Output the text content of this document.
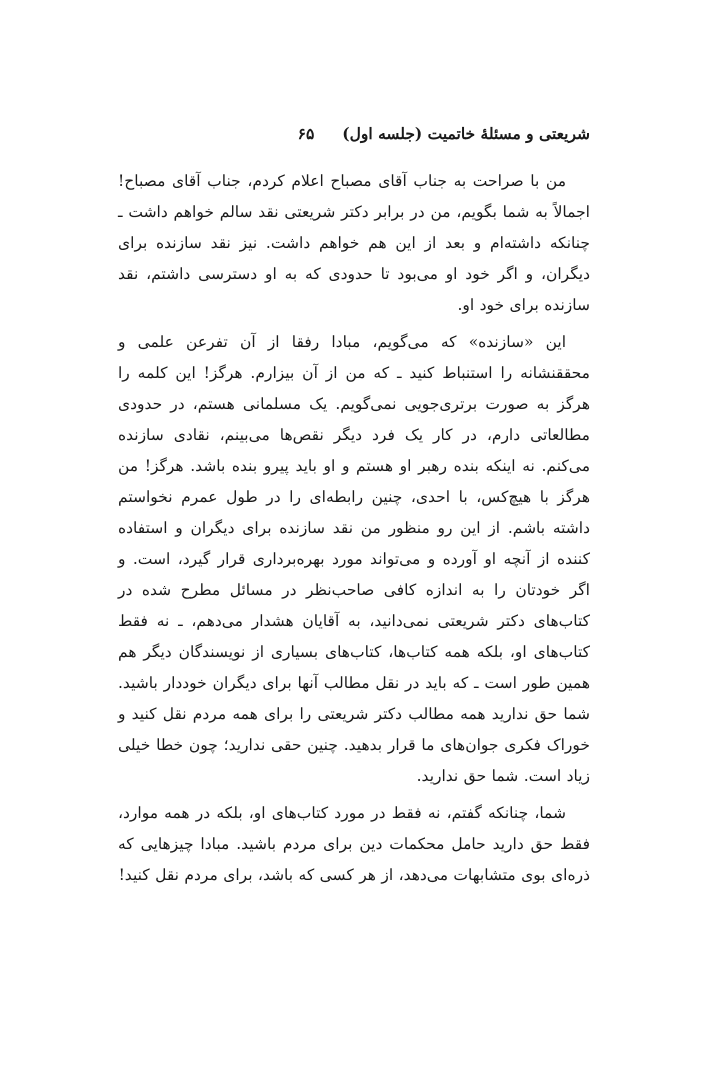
شریعتی و مسئلهٔ خاتمیت (جلسه اول)
۶۵

من با صراحت به جناب آقای مصباح اعلام کردم، جناب آقای مصباح! اجمالاً به شما بگویم، من در برابر دکتر شریعتی نقد سالم خواهم داشت ـ چنانکه داشته‌ام و بعد از این هم خواهم داشت. نیز نقد سازنده برای دیگران، و اگر خود او می‌بود تا حدودی که به او دسترسی داشتم، نقد سازنده برای خود او.

این «سازنده» که می‌گویم، مبادا رفقا از آن تفرعن علمی و محققنشانه را استنباط کنید ـ که من از آن بیزارم. هرگز! این کلمه را هرگز به صورت برتری‌جویی نمی‌گویم. یک مسلمانی هستم، در حدودی مطالعاتی دارم، در کار یک فرد دیگر نقص‌ها می‌بینم، نقادی سازنده می‌کنم. نه اینکه بنده رهبر او هستم و او باید پیرو بنده باشد. هرگز! من هرگز با هیچ‌کس، با احدی، چنین رابطه‌ای را در طول عمرم نخواستم داشته باشم. از این رو منظور من نقد سازنده برای دیگران و استفاده کننده از آنچه او آورده و می‌تواند مورد بهره‌برداری قرار گیرد، است. و اگر خودتان را به اندازه کافی صاحب‌نظر در مسائل مطرح شده در کتاب‌های دکتر شریعتی نمی‌دانید، به آقایان هشدار می‌دهم، ـ نه فقط کتاب‌های او، بلکه همه کتاب‌ها، کتاب‌های بسیاری از نویسندگان دیگر هم همین طور است ـ که باید در نقل مطالب آنها برای دیگران خوددار باشید. شما حق ندارید همه مطالب دکتر شریعتی را برای همه مردم نقل کنید و خوراک فکری جوان‌های ما قرار بدهید. چنین حقی ندارید؛ چون خطا خیلی زیاد است. شما حق ندارید.

شما، چنانکه گفتم، نه فقط در مورد کتاب‌های او، بلکه در همه موارد، فقط حق دارید حامل محکمات دین برای مردم باشید. مبادا چیزهایی که ذره‌ای بوی متشابهات می‌دهد، از هر کسی که باشد، برای مردم نقل کنید!
